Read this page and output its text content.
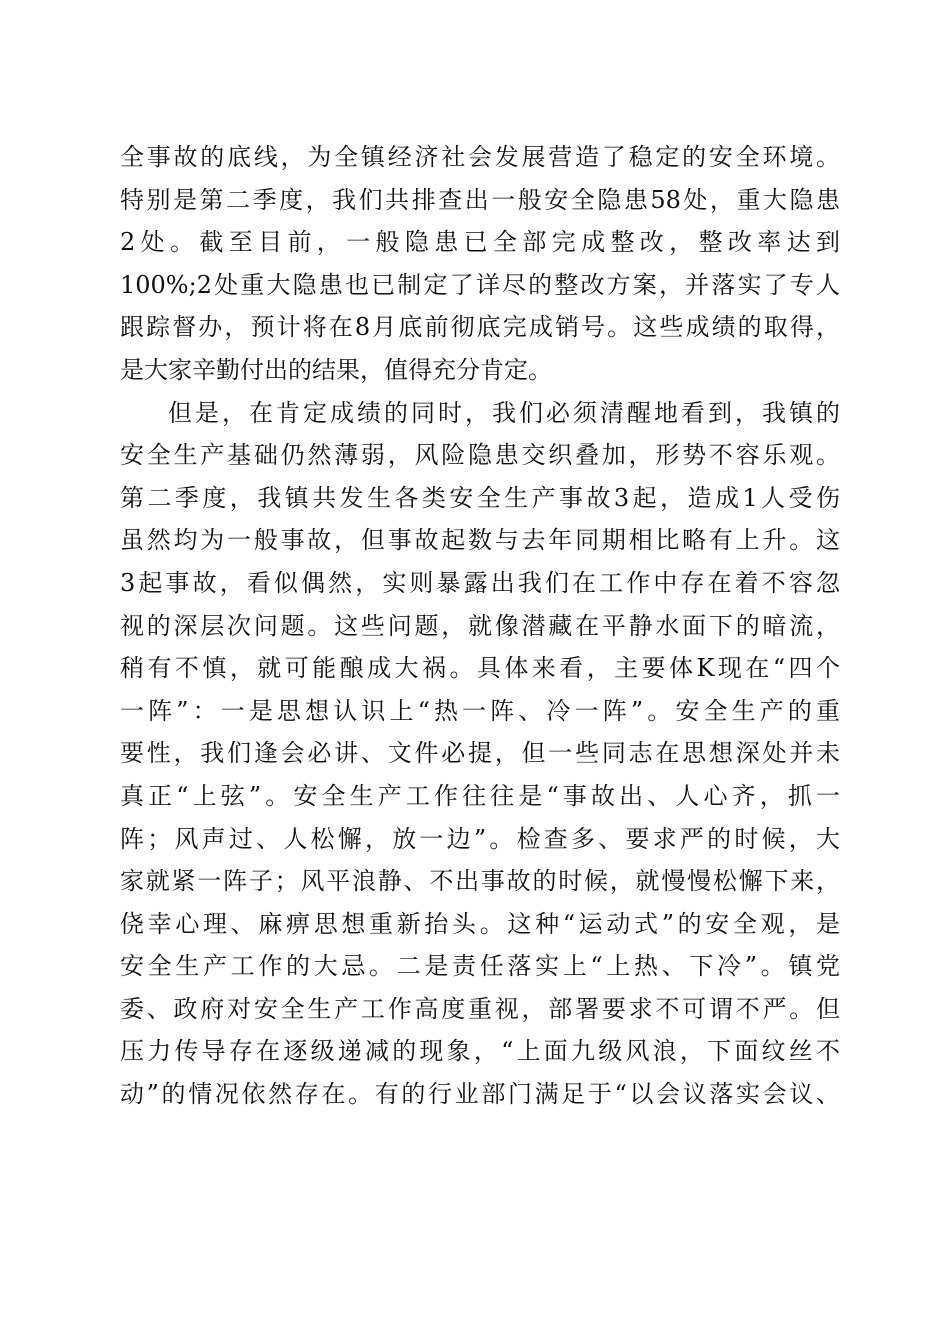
全事故的底线，为全镇经济社会发展营造了稳定的安全环境。
特别是第二季度，我们共排查出一般安全隐患58处，重大隐患
2处。截至目前，一般隐患已全部完成整改，整改率达到
100%;2处重大隐患也已制定了详尽的整改方案，并落实了专人
跟踪督办，预计将在8月底前彻底完成销号。这些成绩的取得，
是大家辛勤付出的结果，值得充分肯定。
但是，在肯定成绩的同时，我们必须清醒地看到，我镇的
安全生产基础仍然薄弱，风险隐患交织叠加，形势不容乐观。
第二季度，我镇共发生各类安全生产事故3起，造成1人受伤
虽然均为一般事故，但事故起数与去年同期相比略有上升。这
3起事故，看似偶然，实则暴露出我们在工作中存在着不容忽
视的深层次问题。这些问题，就像潜藏在平静水面下的暗流，
稍有不慎，就可能酿成大祸。具体来看，主要体K现在“四个
一阵”：一是思想认识上“热一阵、冷一阵”。安全生产的重
要性，我们逢会必讲、文件必提，但一些同志在思想深处并未
真正“上弦”。安全生产工作往往是“事故出、人心齐，抓一
阵；风声过、人松懈，放一边”。检查多、要求严的时候，大
家就紧一阵子；风平浪静、不出事故的时候，就慢慢松懈下来，
侥幸心理、麻痹思想重新抬头。这种“运动式”的安全观，是
安全生产工作的大忌。二是责任落实上“上热、下冷”。镇党
委、政府对安全生产工作高度重视，部署要求不可谓不严。但
压力传导存在逐级递减的现象，“上面九级风浪，下面纹丝不
动”的情况依然存在。有的行业部门满足于“以会议落实会议、
